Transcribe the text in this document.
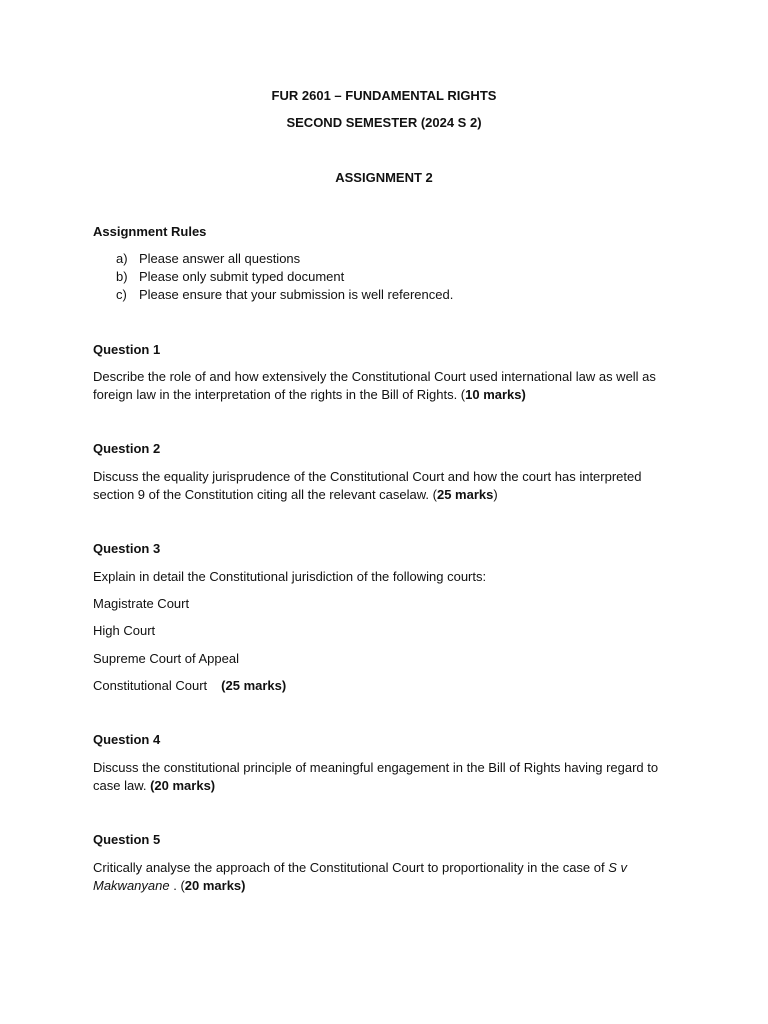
FUR 2601 – FUNDAMENTAL RIGHTS
SECOND SEMESTER (2024 S 2)
ASSIGNMENT 2
Assignment Rules
a) Please answer all questions
b) Please only submit typed document
c) Please ensure that your submission is well referenced.
Question 1
Describe the role of and how extensively the Constitutional Court used international law as well as foreign law in the interpretation of the rights in the Bill of Rights. (10 marks)
Question 2
Discuss the equality jurisprudence of the Constitutional Court and how the court has interpreted section 9 of the Constitution citing all the relevant caselaw. (25 marks)
Question 3
Explain in detail the Constitutional jurisdiction of the following courts:
Magistrate Court
High Court
Supreme Court of Appeal
Constitutional Court (25 marks)
Question 4
Discuss the constitutional principle of meaningful engagement in the Bill of Rights having regard to case law. (20 marks)
Question 5
Critically analyse the approach of the Constitutional Court to proportionality in the case of S v Makwanyane . (20 marks)
